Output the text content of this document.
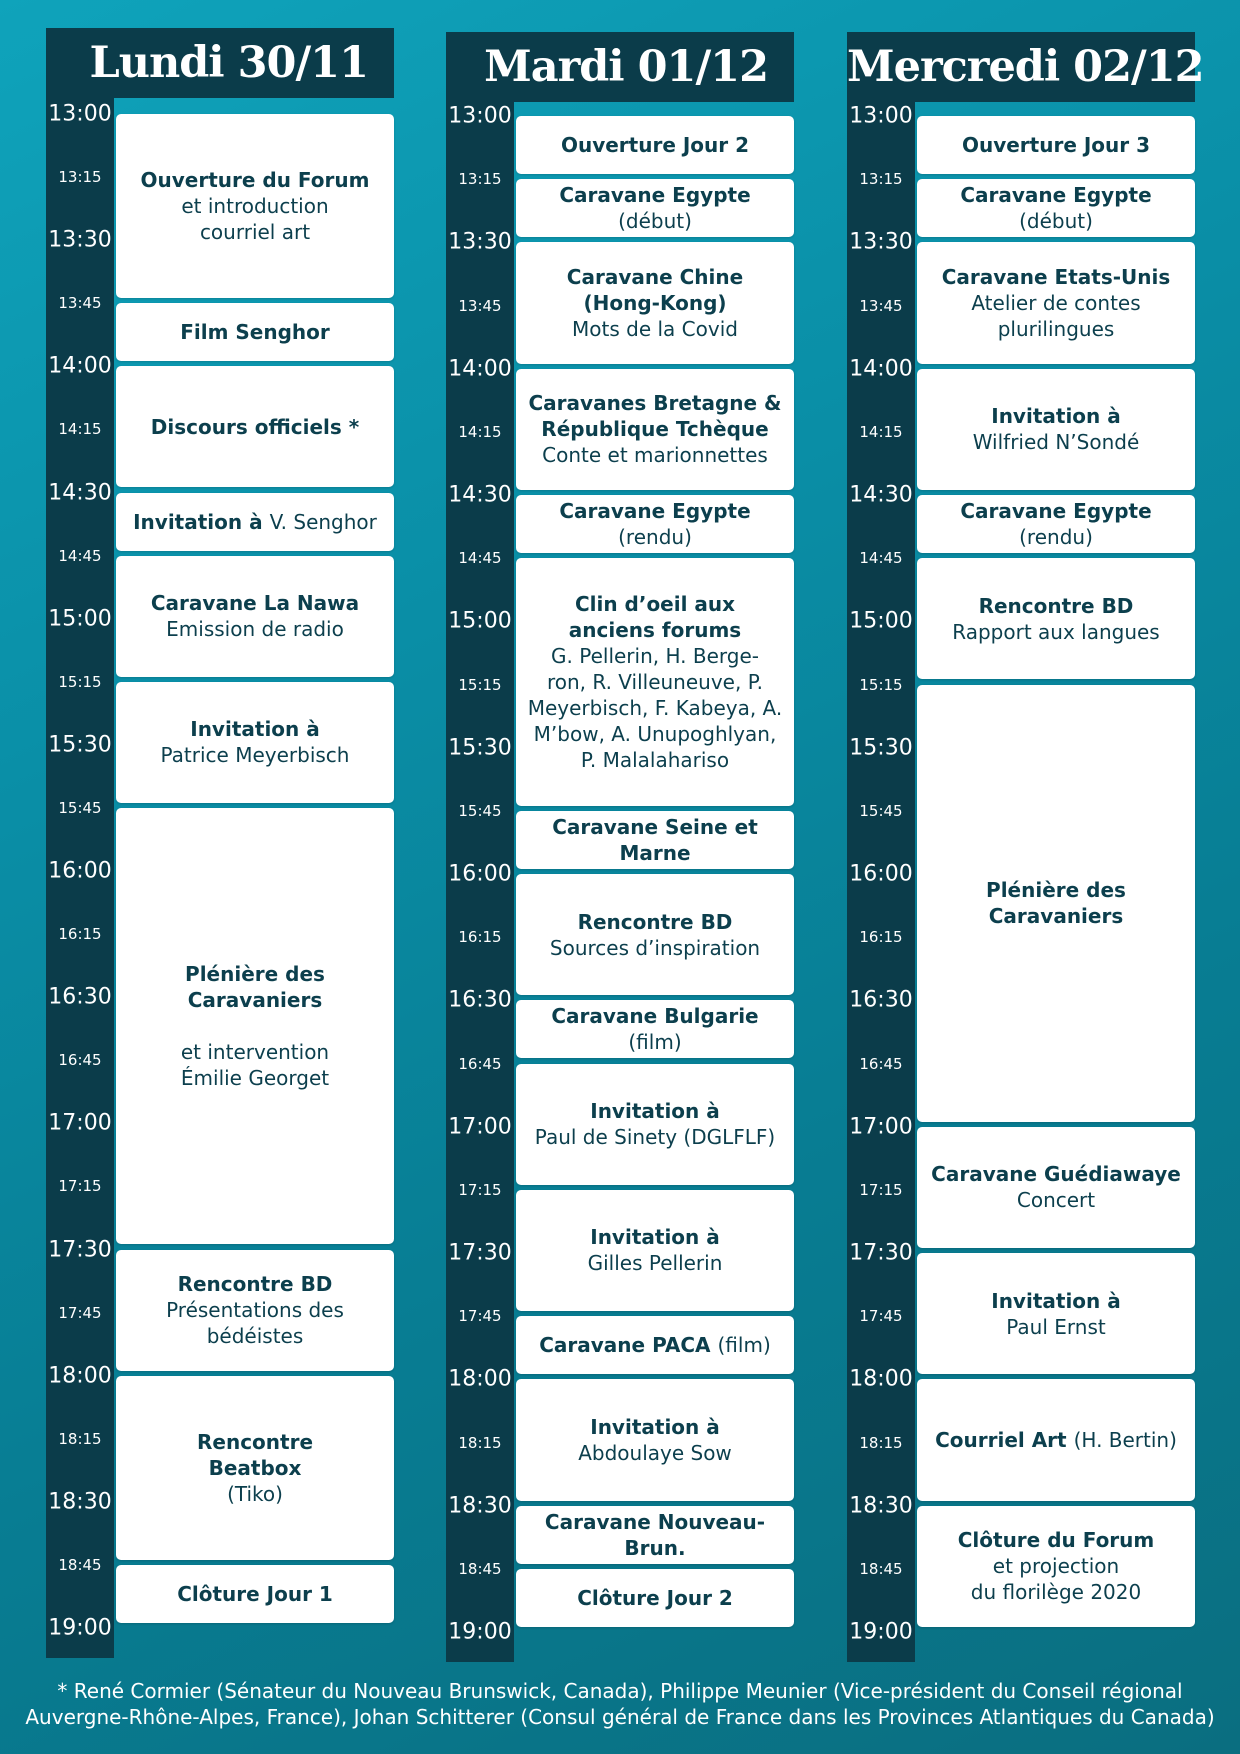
Lundi 30/11
13:00
13:15
13:30
13:45
14:00
14:15
14:30
14:45
15:00
15:15
15:30
15:45
16:00
16:15
16:30
16:45
17:00
17:15
17:30
17:45
18:00
18:15
18:30
18:45
19:00
Ouverture du Forum
et introduction
courriel art
Film Senghor
Discours officiels *
Invitation à V. Senghor
Caravane La Nawa
Emission de radio
Invitation à
Patrice Meyerbisch
Plénière des
Caravaniers

et intervention
Émilie Georget
Rencontre BD
Présentations des
bédéistes
Rencontre
Beatbox
(Tiko)
Clôture Jour 1
Mardi 01/12
13:00
13:15
13:30
13:45
14:00
14:15
14:30
14:45
15:00
15:15
15:30
15:45
16:00
16:15
16:30
16:45
17:00
17:15
17:30
17:45
18:00
18:15
18:30
18:45
19:00
Ouverture Jour 2
Caravane Egypte (début)
Caravane Chine
(Hong-Kong)
Mots de la Covid
Caravanes Bretagne &
République Tchèque
Conte et marionnettes
Caravane Egypte (rendu)
Clin d’oeil aux
anciens forums
G. Pellerin, H. Berge-
ron, R. Villeuneuve, P.
Meyerbisch, F. Kabeya, A.
M’bow, A. Unupoghlyan,
P. Malalahariso
Caravane Seine et Marne
Rencontre BD
Sources d’inspiration
Caravane Bulgarie (film)
Invitation à
Paul de Sinety (DGLFLF)
Invitation à
Gilles Pellerin
Caravane PACA (film)
Invitation à
Abdoulaye Sow
Caravane Nouveau-Brun.
Clôture Jour 2
Mercredi 02/12
13:00
13:15
13:30
13:45
14:00
14:15
14:30
14:45
15:00
15:15
15:30
15:45
16:00
16:15
16:30
16:45
17:00
17:15
17:30
17:45
18:00
18:15
18:30
18:45
19:00
Ouverture Jour 3
Caravane Egypte (début)
Caravane Etats-Unis
Atelier de contes
plurilingues
Invitation à
Wilfried N’Sondé
Caravane Egypte (rendu)
Rencontre BD
Rapport aux langues
Plénière des
Caravaniers
Caravane Guédiawaye
Concert
Invitation à
Paul Ernst
Courriel Art (H. Bertin)
Clôture du Forum
et projection
du florilège 2020
* René Cormier (Sénateur du Nouveau Brunswick, Canada), Philippe Meunier (Vice-président du Conseil régional
Auvergne-Rhône-Alpes, France), Johan Schitterer (Consul général de France dans les Provinces Atlantiques du Canada)
